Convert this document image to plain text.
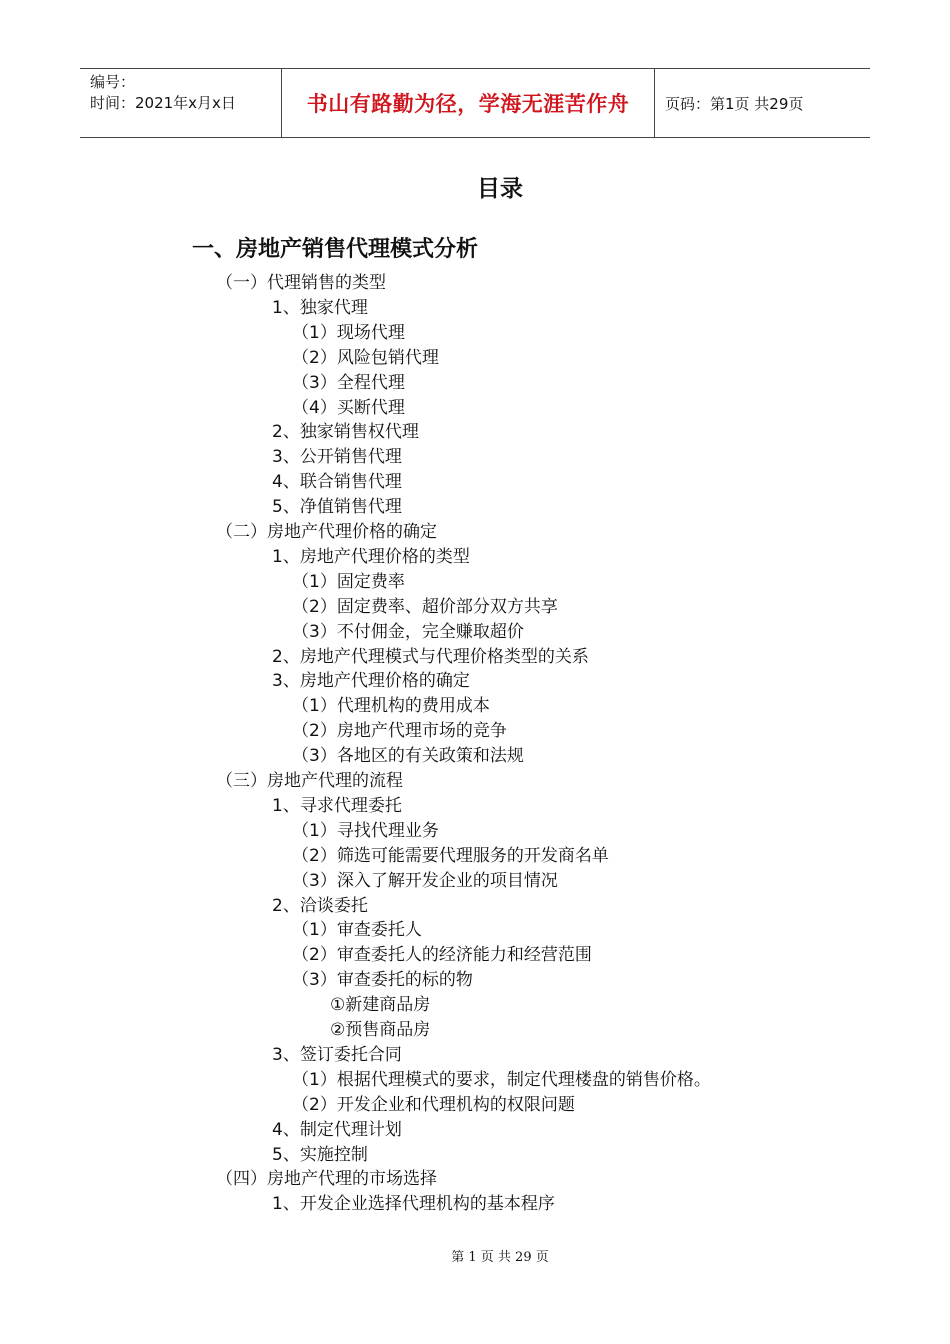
编号：
时间：2021年x月x日	书山有路勤为径，学海无涯苦作舟 页码：第1页 共29页
目录
一、房地产销售代理模式分析
（一）代理销售的类型
1、独家代理
（1）现场代理
（2）风险包销代理
（3）全程代理
（4）买断代理
2、独家销售权代理
3、公开销售代理
4、联合销售代理
5、净值销售代理
（二）房地产代理价格的确定
1、房地产代理价格的类型
（1）固定费率
（2）固定费率、超价部分双方共享
（3）不付佣金，完全赚取超价
2、房地产代理模式与代理价格类型的关系
3、房地产代理价格的确定
（1）代理机构的费用成本
（2）房地产代理市场的竞争
（3）各地区的有关政策和法规
（三）房地产代理的流程
1、寻求代理委托
（1）寻找代理业务
（2）筛选可能需要代理服务的开发商名单
（3）深入了解开发企业的项目情况
2、洽谈委托
（1）审查委托人
（2）审查委托人的经济能力和经营范围
（3）审查委托的标的物
①新建商品房
②预售商品房
3、签订委托合同
（1）根据代理模式的要求，制定代理楼盘的销售价格。
（2）开发企业和代理机构的权限问题
4、制定代理计划
5、实施控制
（四）房地产代理的市场选择
1、开发企业选择代理机构的基本程序
第 1 页 共 29 页
